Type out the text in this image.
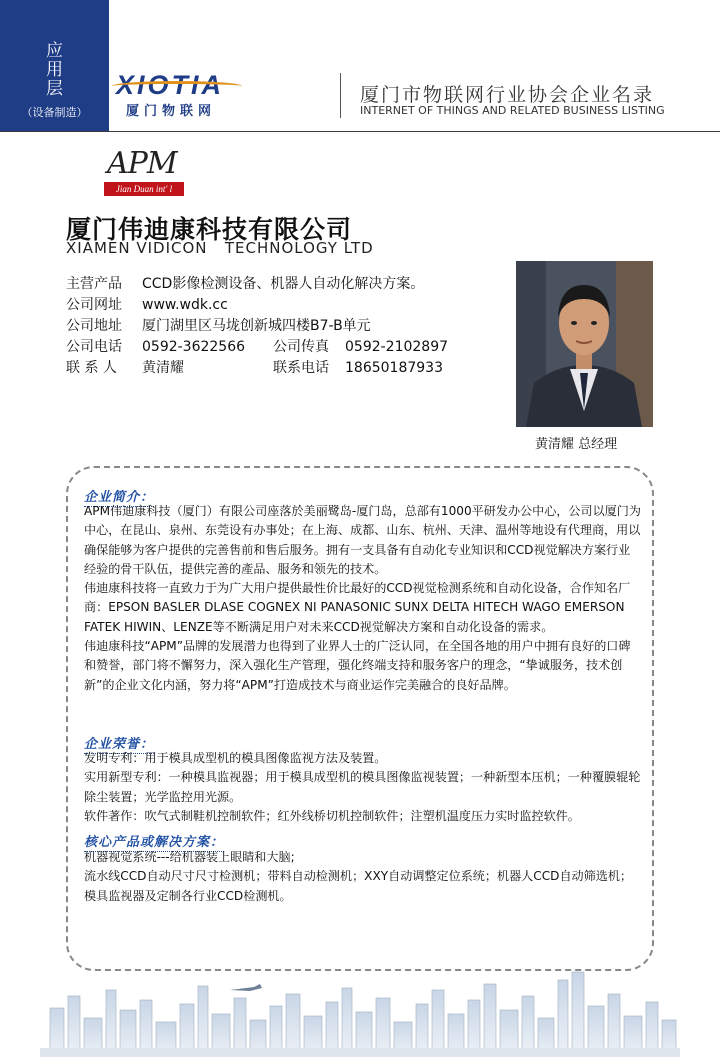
应
用
层
（设备制造）
XIOTIA
厦门物联网
厦门市物联网行业协会企业名录
INTERNET OF THINGS AND RELATED BUSINESS LISTING
APM
Jian Duan int' l
厦门伟迪康科技有限公司
XIAMEN VIDICON   TECHNOLOGY LTD
主营产品	CCD影像检测设备、机器人自动化解决方案。
公司网址	www.wdk.cc
公司地址	厦门湖里区马垅创新城四楼B7-B单元
公司电话	0592-3622566 公司传真 0592-2102897
联 系 人	黄清耀	联系电话 18650187933
黄清耀 总经理
企业简介：

APM伟迪康科技（厦门）有限公司座落於美丽鹭岛-厦门岛，总部有1000平研发办公中心，公司以厦门为中心，在昆山、泉州、东莞设有办事处；在上海、成都、山东、杭州、天津、温州等地设有代理商，用以确保能够为客户提供的完善售前和售后服务。拥有一支具备有自动化专业知识和CCD视觉解决方案行业经验的骨干队伍，提供完善的產品、服务和领先的技术。

伟迪康科技将一直致力于为广大用户提供最性价比最好的CCD视觉检测系统和自动化设备，合作知名厂商：EPSON BASLER DLASE COGNEX NI PANASONIC SUNX DELTA HITECH WAGO EMERSON FATEK HIWIN、LENZE等不断满足用户对未来CCD视觉解决方案和自动化设备的需求。

伟迪康科技“APM”品牌的发展潜力也得到了业界人士的广泛认同，在全国各地的用户中拥有良好的口碑和赞誉，部门将不懈努力，深入强化生产管理，强化终端支持和服务客户的理念，“挚诚服务，技术创新”的企业文化内涵，努力将“APM”打造成技术与商业运作完美融合的良好品牌。

企业荣誉：

发明专利：用于模具成型机的模具图像监视方法及装置。

实用新型专利：一种模具监视器；用于模具成型机的模具图像监视装置；一种新型本压机；一种覆膜辊轮除尘装置；光学监控用光源。

软件著作：吹气式制鞋机控制软件；红外线桥切机控制软件；注塑机温度压力实时监控软件。

核心产品或解决方案：

机器视觉系统---给机器装上眼睛和大脑;

流水线CCD自动尺寸尺寸检测机；带料自动检测机；XXY自动调整定位系统；机器人CCD自动筛选机；模具监视器及定制各行业CCD检测机。
